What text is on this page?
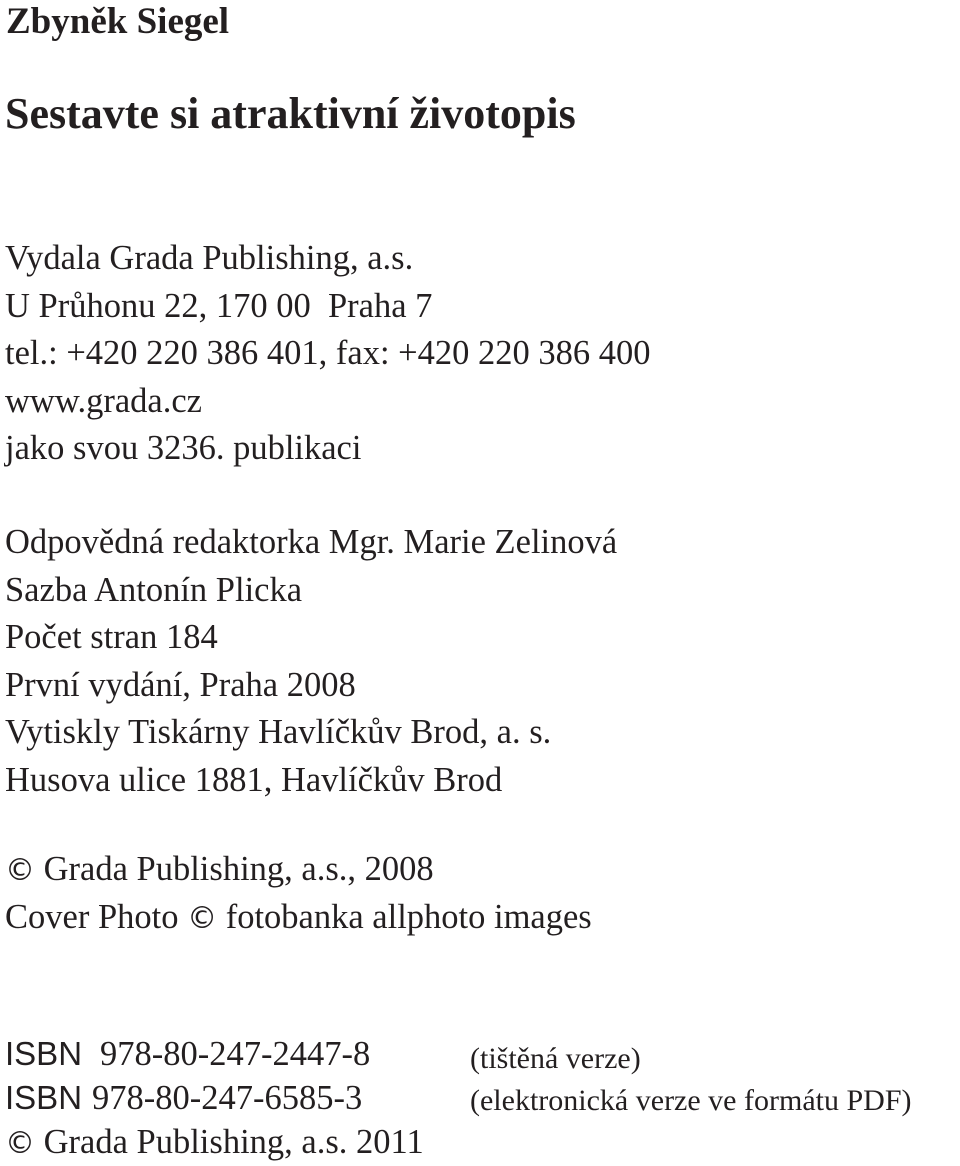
Zbyněk Siegel
Sestavte si atraktivní životopis
Vydala Grada Publishing, a.s.
U Průhonu 22, 170 00  Praha 7
tel.: +420 220 386 401, fax: +420 220 386 400
www.grada.cz
jako svou 3236. publikaci
Odpovědná redaktorka Mgr. Marie Zelinová
Sazba Antonín Plicka
Počet stran 184
První vydání, Praha 2008
Vytiskly Tiskárny Havlíčkův Brod, a. s.
Husova ulice 1881, Havlíčkův Brod
© Grada Publishing, a.s., 2008
Cover Photo © fotobanka allphoto images
ISBN 978-80-247-2447-8
ISBN 978-80-247-6585-3
© Grada Publishing, a.s. 2011
(tištěná verze)
(elektronická verze ve formátu PDF)
